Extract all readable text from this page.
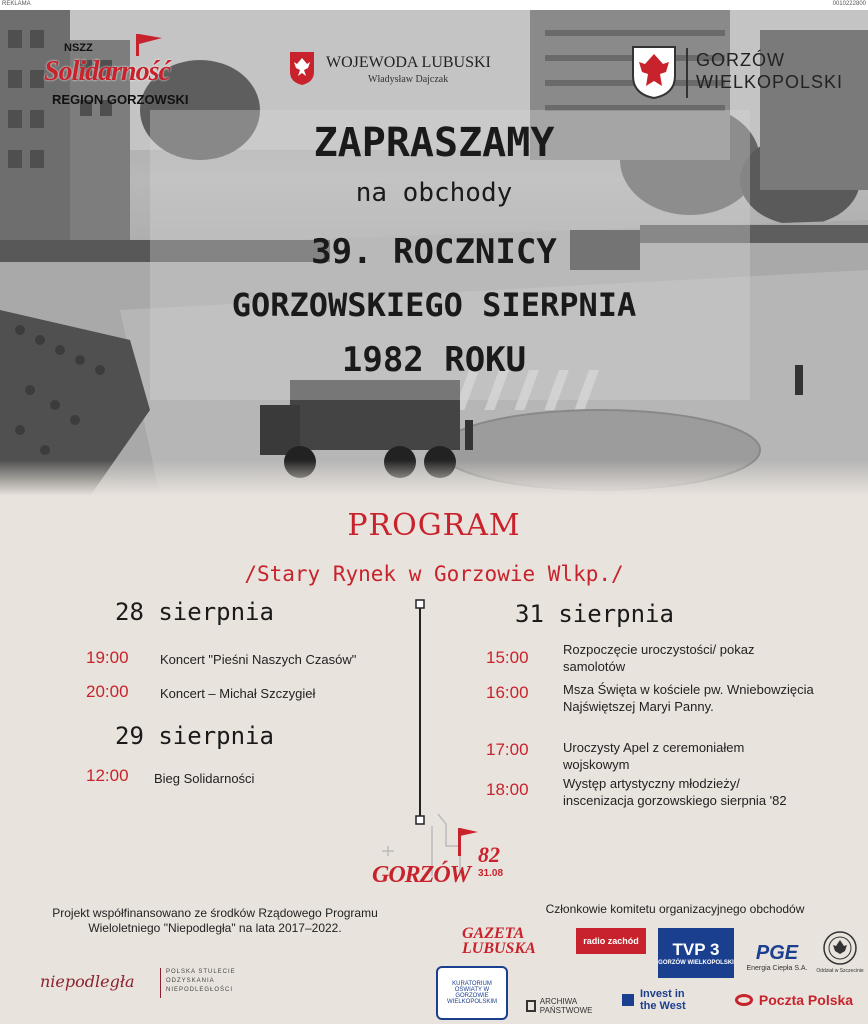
REKLAMA	0010222800
NSZZ
Solidarność
REGION GORZOWSKI
WOJEWODA LUBUSKI
Władysław Dajczak
GORZÓW
WIELKOPOLSKI
ZAPRASZAMY
na obchody
39. ROCZNICY
GORZOWSKIEGO SIERPNIA
1982 ROKU
PROGRAM
/Stary Rynek w Gorzowie Wlkp./
28 sierpnia
19:00 Koncert "Pieśni Naszych Czasów"
20:00 Koncert – Michał Szczygieł
29 sierpnia
12:00 Bieg Solidarności
31 sierpnia
15:00	Rozpoczęcie uroczystości/ pokaz samolotów
16:00	Msza Święta w kościele pw. Wniebowzięcia Najświętszej Maryi Panny.
17:00	Uroczysty Apel z ceremoniałem wojskowym
18:00	Występ artystyczny młodzieży/ inscenizacja gorzowskiego sierpnia '82
GORZÓW
82
31.08
Projekt współfinansowano ze środków Rządowego Programu Wieloletniego "Niepodległa" na lata 2017–2022.
Członkowie komitetu organizacyjnego obchodów
niepodległa	POLSKA STULECIE ODZYSKANIA NIEPODLEGŁOŚCI
GAZETA
LUBUSKA	radio zachód TVP 3
GORZÓW WIELKOPOLSKI PGE
Energia Ciepła S.A.	Oddział w Szczecinie
KURATORIUM OŚWIATY W GORZOWIE WIELKOPOLSKIM	ARCHIWA PAŃSTWOWE
Invest in the West	Poczta Polska
